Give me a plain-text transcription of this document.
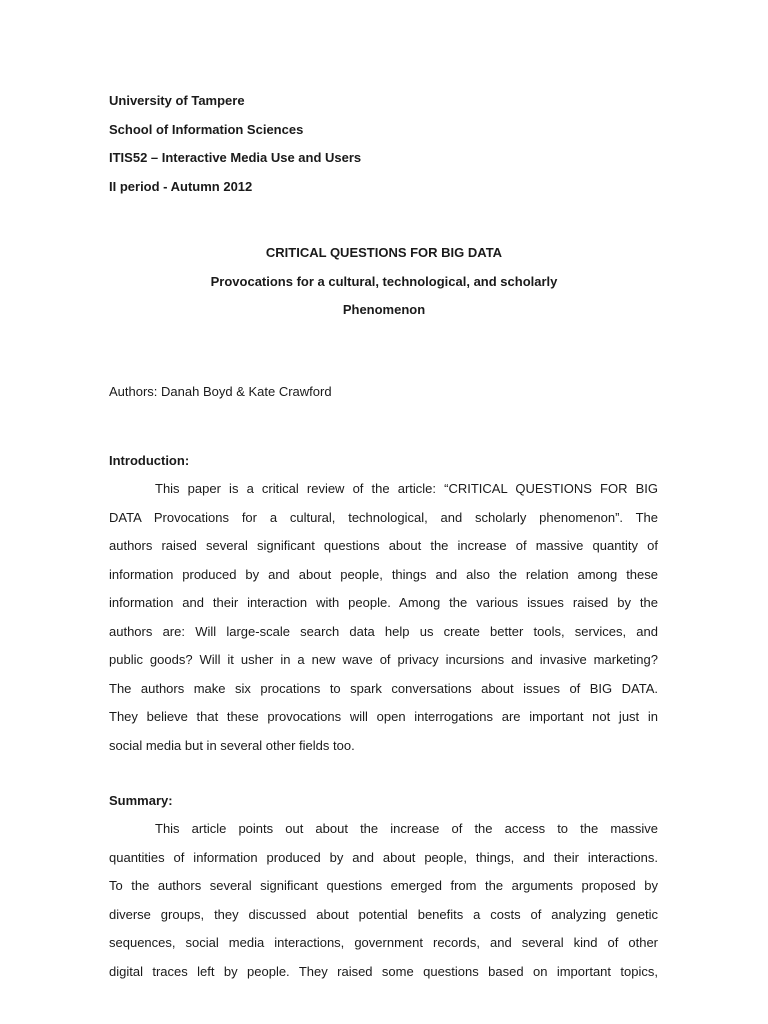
University of Tampere
School of Information Sciences
ITIS52 – Interactive Media Use and Users
II period - Autumn 2012
CRITICAL QUESTIONS FOR BIG DATA
Provocations for a cultural, technological, and scholarly
Phenomenon
Authors: Danah Boyd & Kate Crawford
Introduction:
This paper is a critical review of the article: “CRITICAL QUESTIONS FOR BIG
DATA Provocations for a cultural, technological, and scholarly phenomenon”. The
authors raised several significant questions about the increase of massive quantity of
information produced by and about people, things and also the relation among these
information and their interaction with people. Among the various issues raised by the
authors are: Will large-scale search data help us create better tools, services, and
public goods? Will it usher in a new wave of privacy incursions and invasive marketing?
The authors make six procations to spark conversations about issues of BIG DATA.
They believe that these provocations will open interrogations are important not just in
social media but in several other fields too.
Summary:
This article points out about the increase of the access to the massive
quantities of information produced by and about people, things, and their interactions.
To the authors several significant questions emerged from the arguments proposed by
diverse groups, they discussed about potential benefits a costs of analyzing genetic
sequences, social media interactions, government records, and several kind of other
digital traces left by people. They raised some questions based on important topics,
